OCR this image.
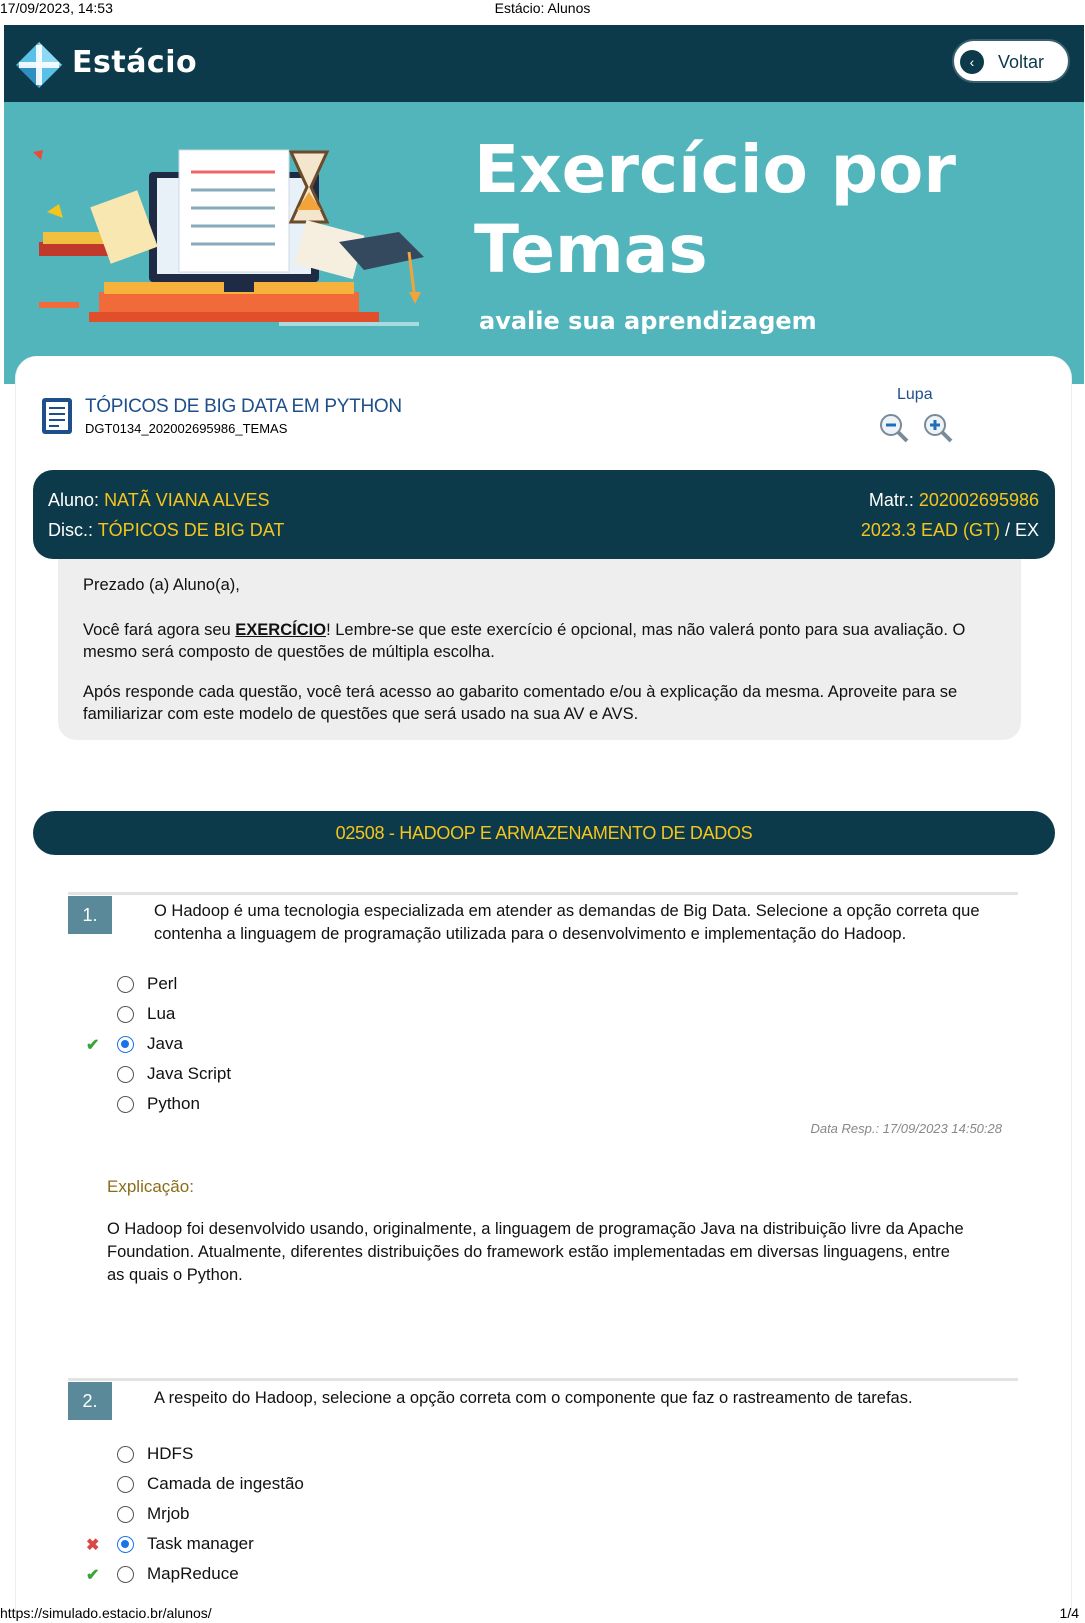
17/09/2023, 14:53	Estácio: Alunos
Estácio	‹	Voltar
Exercício por Temas
avalie sua aprendizagem
TÓPICOS DE BIG DATA EM PYTHON
DGT0134_202002695986_TEMAS
Lupa
Aluno: NATÃ VIANA ALVES
Disc.: TÓPICOS DE BIG DAT
Matr.: 202002695986
2023.3 EAD (GT) / EX

Prezado (a) Aluno(a),

Você fará agora seu EXERCÍCIO! Lembre-se que este exercício é opcional, mas não valerá ponto para sua avaliação. O mesmo será composto de questões de múltipla escolha.

Após responde cada questão, você terá acesso ao gabarito comentado e/ou à explicação da mesma. Aproveite para se familiarizar com este modelo de questões que será usado na sua AV e AVS.

02508 - HADOOP E ARMAZENAMENTO DE DADOS
1.	O Hadoop é uma tecnologia especializada em atender as demandas de Big Data. Selecione a opção correta que contenha a linguagem de programação utilizada para o desenvolvimento e implementação do Hadoop.
Perl
Lua
✔	Java
Java Script
Python
Data Resp.: 17/09/2023 14:50:28
Explicação:
O Hadoop foi desenvolvido usando, originalmente, a linguagem de programação Java na distribuição livre da Apache Foundation. Atualmente, diferentes distribuições do framework estão implementadas em diversas linguagens, entre as quais o Python.
2.	A respeito do Hadoop, selecione a opção correta com o componente que faz o rastreamento de tarefas.
HDFS
Camada de ingestão
Mrjob
✖	Task manager
✔	MapReduce
https://simulado.estacio.br/alunos/	1/4
